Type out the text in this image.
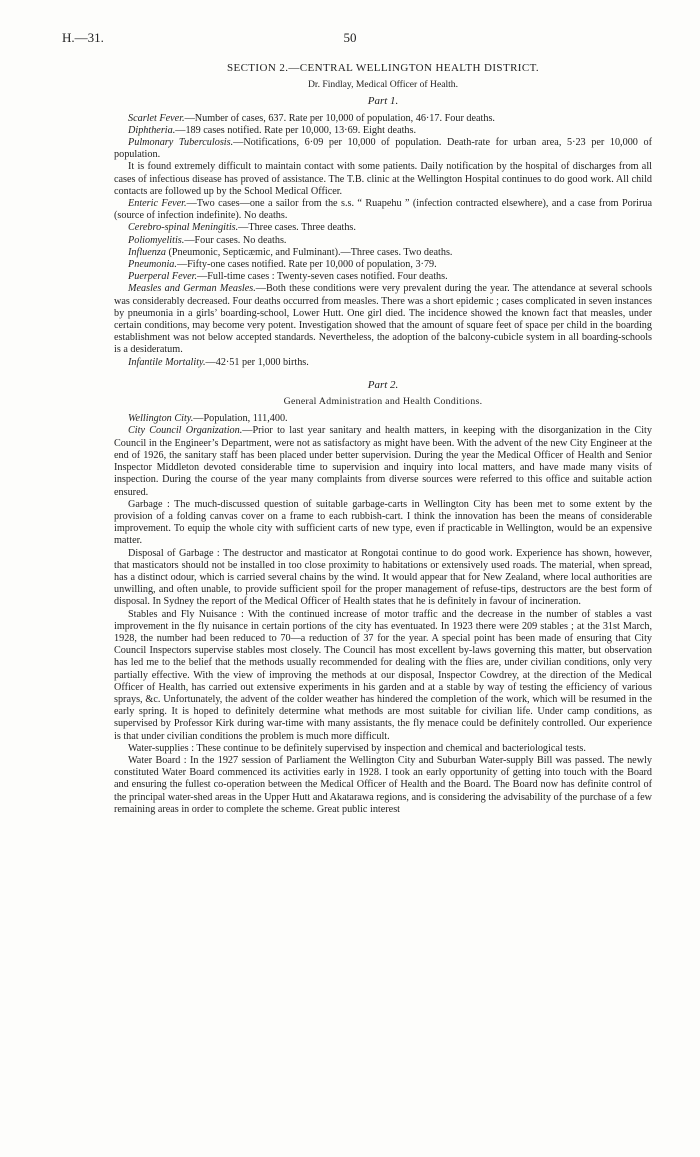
H.—31.	50
SECTION 2.—CENTRAL WELLINGTON HEALTH DISTRICT.
Dr. Findlay, Medical Officer of Health.
Part 1.

Scarlet Fever.—Number of cases, 637. Rate per 10,000 of population, 46·17. Four deaths.

Diphtheria.—189 cases notified. Rate per 10,000, 13·69. Eight deaths.

Pulmonary Tuberculosis.—Notifications, 6·09 per 10,000 of population. Death-rate for urban area, 5·23 per 10,000 of population.

It is found extremely difficult to maintain contact with some patients. Daily notification by the hospital of discharges from all cases of infectious disease has proved of assistance. The T.B. clinic at the Wellington Hospital continues to do good work. All child contacts are followed up by the School Medical Officer.

Enteric Fever.—Two cases—one a sailor from the s.s. “ Ruapehu ” (infection contracted elsewhere), and a case from Porirua (source of infection indefinite). No deaths.

Cerebro-spinal Meningitis.—Three cases. Three deaths.

Poliomyelitis.—Four cases. No deaths.

Influenza (Pneumonic, Septicæmic, and Fulminant).—Three cases. Two deaths.

Pneumonia.—Fifty-one cases notified. Rate per 10,000 of population, 3·79.

Puerperal Fever.—Full-time cases : Twenty-seven cases notified. Four deaths.

Measles and German Measles.—Both these conditions were very prevalent during the year. The attendance at several schools was considerably decreased. Four deaths occurred from measles. There was a short epidemic ; cases complicated in seven instances by pneumonia in a girls’ boarding-school, Lower Hutt. One girl died. The incidence showed the known fact that measles, under certain conditions, may become very potent. Investigation showed that the amount of square feet of space per child in the boarding establishment was not below accepted standards. Nevertheless, the adoption of the balcony-cubicle system in all boarding-schools is a desideratum.

Infantile Mortality.—42·51 per 1,000 births.

Part 2.
General Administration and Health Conditions.

Wellington City.—Population, 111,400.

City Council Organization.—Prior to last year sanitary and health matters, in keeping with the disorganization in the City Council in the Engineer’s Department, were not as satisfactory as might have been. With the advent of the new City Engineer at the end of 1926, the sanitary staff has been placed under better supervision. During the year the Medical Officer of Health and Senior Inspector Middleton devoted considerable time to supervision and inquiry into local matters, and have made many visits of inspection. During the course of the year many complaints from diverse sources were referred to this office and suitable action ensured.

Garbage : The much-discussed question of suitable garbage-carts in Wellington City has been met to some extent by the provision of a folding canvas cover on a frame to each rubbish-cart. I think the innovation has been the means of considerable improvement. To equip the whole city with sufficient carts of new type, even if practicable in Wellington, would be an expensive matter.

Disposal of Garbage : The destructor and masticator at Rongotai continue to do good work. Experience has shown, however, that masticators should not be installed in too close proximity to habitations or extensively used roads. The material, when spread, has a distinct odour, which is carried several chains by the wind. It would appear that for New Zealand, where local authorities are unwilling, and often unable, to provide sufficient spoil for the proper management of refuse-tips, destructors are the best form of disposal. In Sydney the report of the Medical Officer of Health states that he is definitely in favour of incineration.

Stables and Fly Nuisance : With the continued increase of motor traffic and the decrease in the number of stables a vast improvement in the fly nuisance in certain portions of the city has eventuated. In 1923 there were 209 stables ; at the 31st March, 1928, the number had been reduced to 70—a reduction of 37 for the year. A special point has been made of ensuring that City Council Inspectors supervise stables most closely. The Council has most excellent by-laws governing this matter, but observation has led me to the belief that the methods usually recommended for dealing with the flies are, under civilian conditions, only very partially effective. With the view of improving the methods at our disposal, Inspector Cowdrey, at the direction of the Medical Officer of Health, has carried out extensive experiments in his garden and at a stable by way of testing the efficiency of various sprays, &c. Unfortunately, the advent of the colder weather has hindered the completion of the work, which will be resumed in the early spring. It is hoped to definitely determine what methods are most suitable for civilian life. Under camp conditions, as supervised by Professor Kirk during war-time with many assistants, the fly menace could be definitely controlled. Our experience is that under civilian conditions the problem is much more difficult.

Water-supplies : These continue to be definitely supervised by inspection and chemical and bacteriological tests.

Water Board : In the 1927 session of Parliament the Wellington City and Suburban Water-supply Bill was passed. The newly constituted Water Board commenced its activities early in 1928. I took an early opportunity of getting into touch with the Board and ensuring the fullest co-operation between the Medical Officer of Health and the Board. The Board now has definite control of the principal water-shed areas in the Upper Hutt and Akatarawa regions, and is considering the advisability of the purchase of a few remaining areas in order to complete the scheme. Great public interest
